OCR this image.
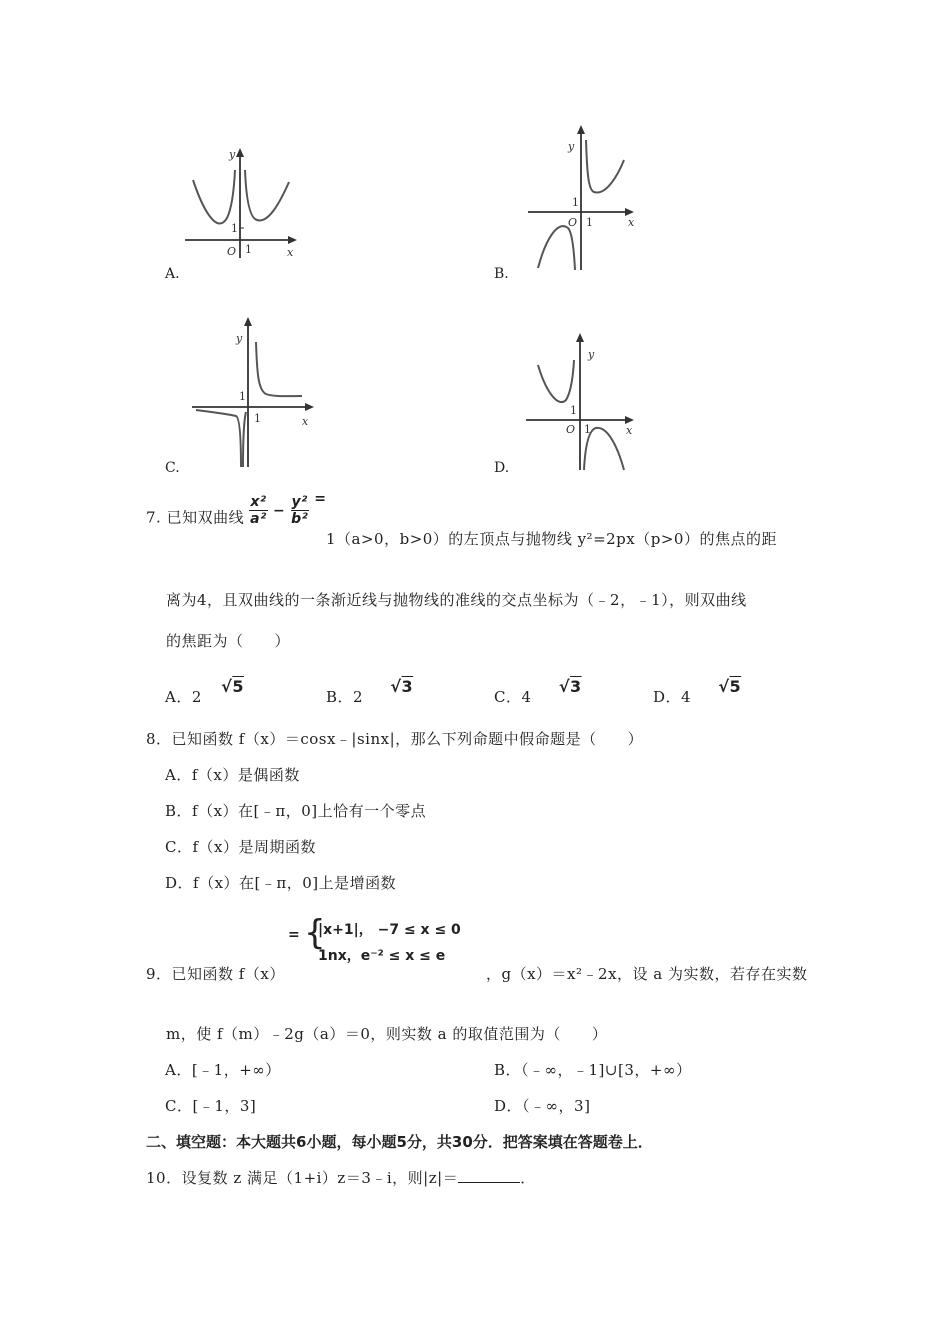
y
O 1
1
x
A.
y
O 1
1
x
B.
y
1
1
x
C.
y
O 1
1
x
D.
7. 已知双曲线 $\frac{\text{x²}}{\text{a²}} - \frac{\text{y²}}{\text{b²}}$ =
1（a>0，b>0）的左顶点与抛物线 y²=2px（p>0）的焦点的距
离为4，且双曲线的一条渐近线与抛物线的准线的交点坐标为（﹣2，﹣1），则双曲线
的焦距为（　　）
A．2 √5
B．2 √3
C．4 √3
D．4 √5
8．已知函数 f（x）＝cosx﹣|sinx|，那么下列命题中假命题是（　　）
A．f（x）是偶函数
B．f（x）在[﹣π，0]上恰有一个零点
C．f（x）是周期函数
D．f（x）在[﹣π，0]上是增函数
= {
|x+1|， −7 ≤ x ≤ 0
1nx，e⁻² ≤ x ≤ e
9．已知函数 f（x）	，g（x）＝x²﹣2x，设 a 为实数，若存在实数
m，使 f（m）﹣2g（a）＝0，则实数 a 的取值范围为（　　）
A．[﹣1，+∞）	B．（﹣∞，﹣1]∪[3，+∞）
C．[﹣1，3]	D．（﹣∞，3]
二、填空题：本大题共6小题，每小题5分，共30分．把答案填在答题卷上．
10．设复数 z 满足（1+i）z＝3﹣i，则|z|＝	．
